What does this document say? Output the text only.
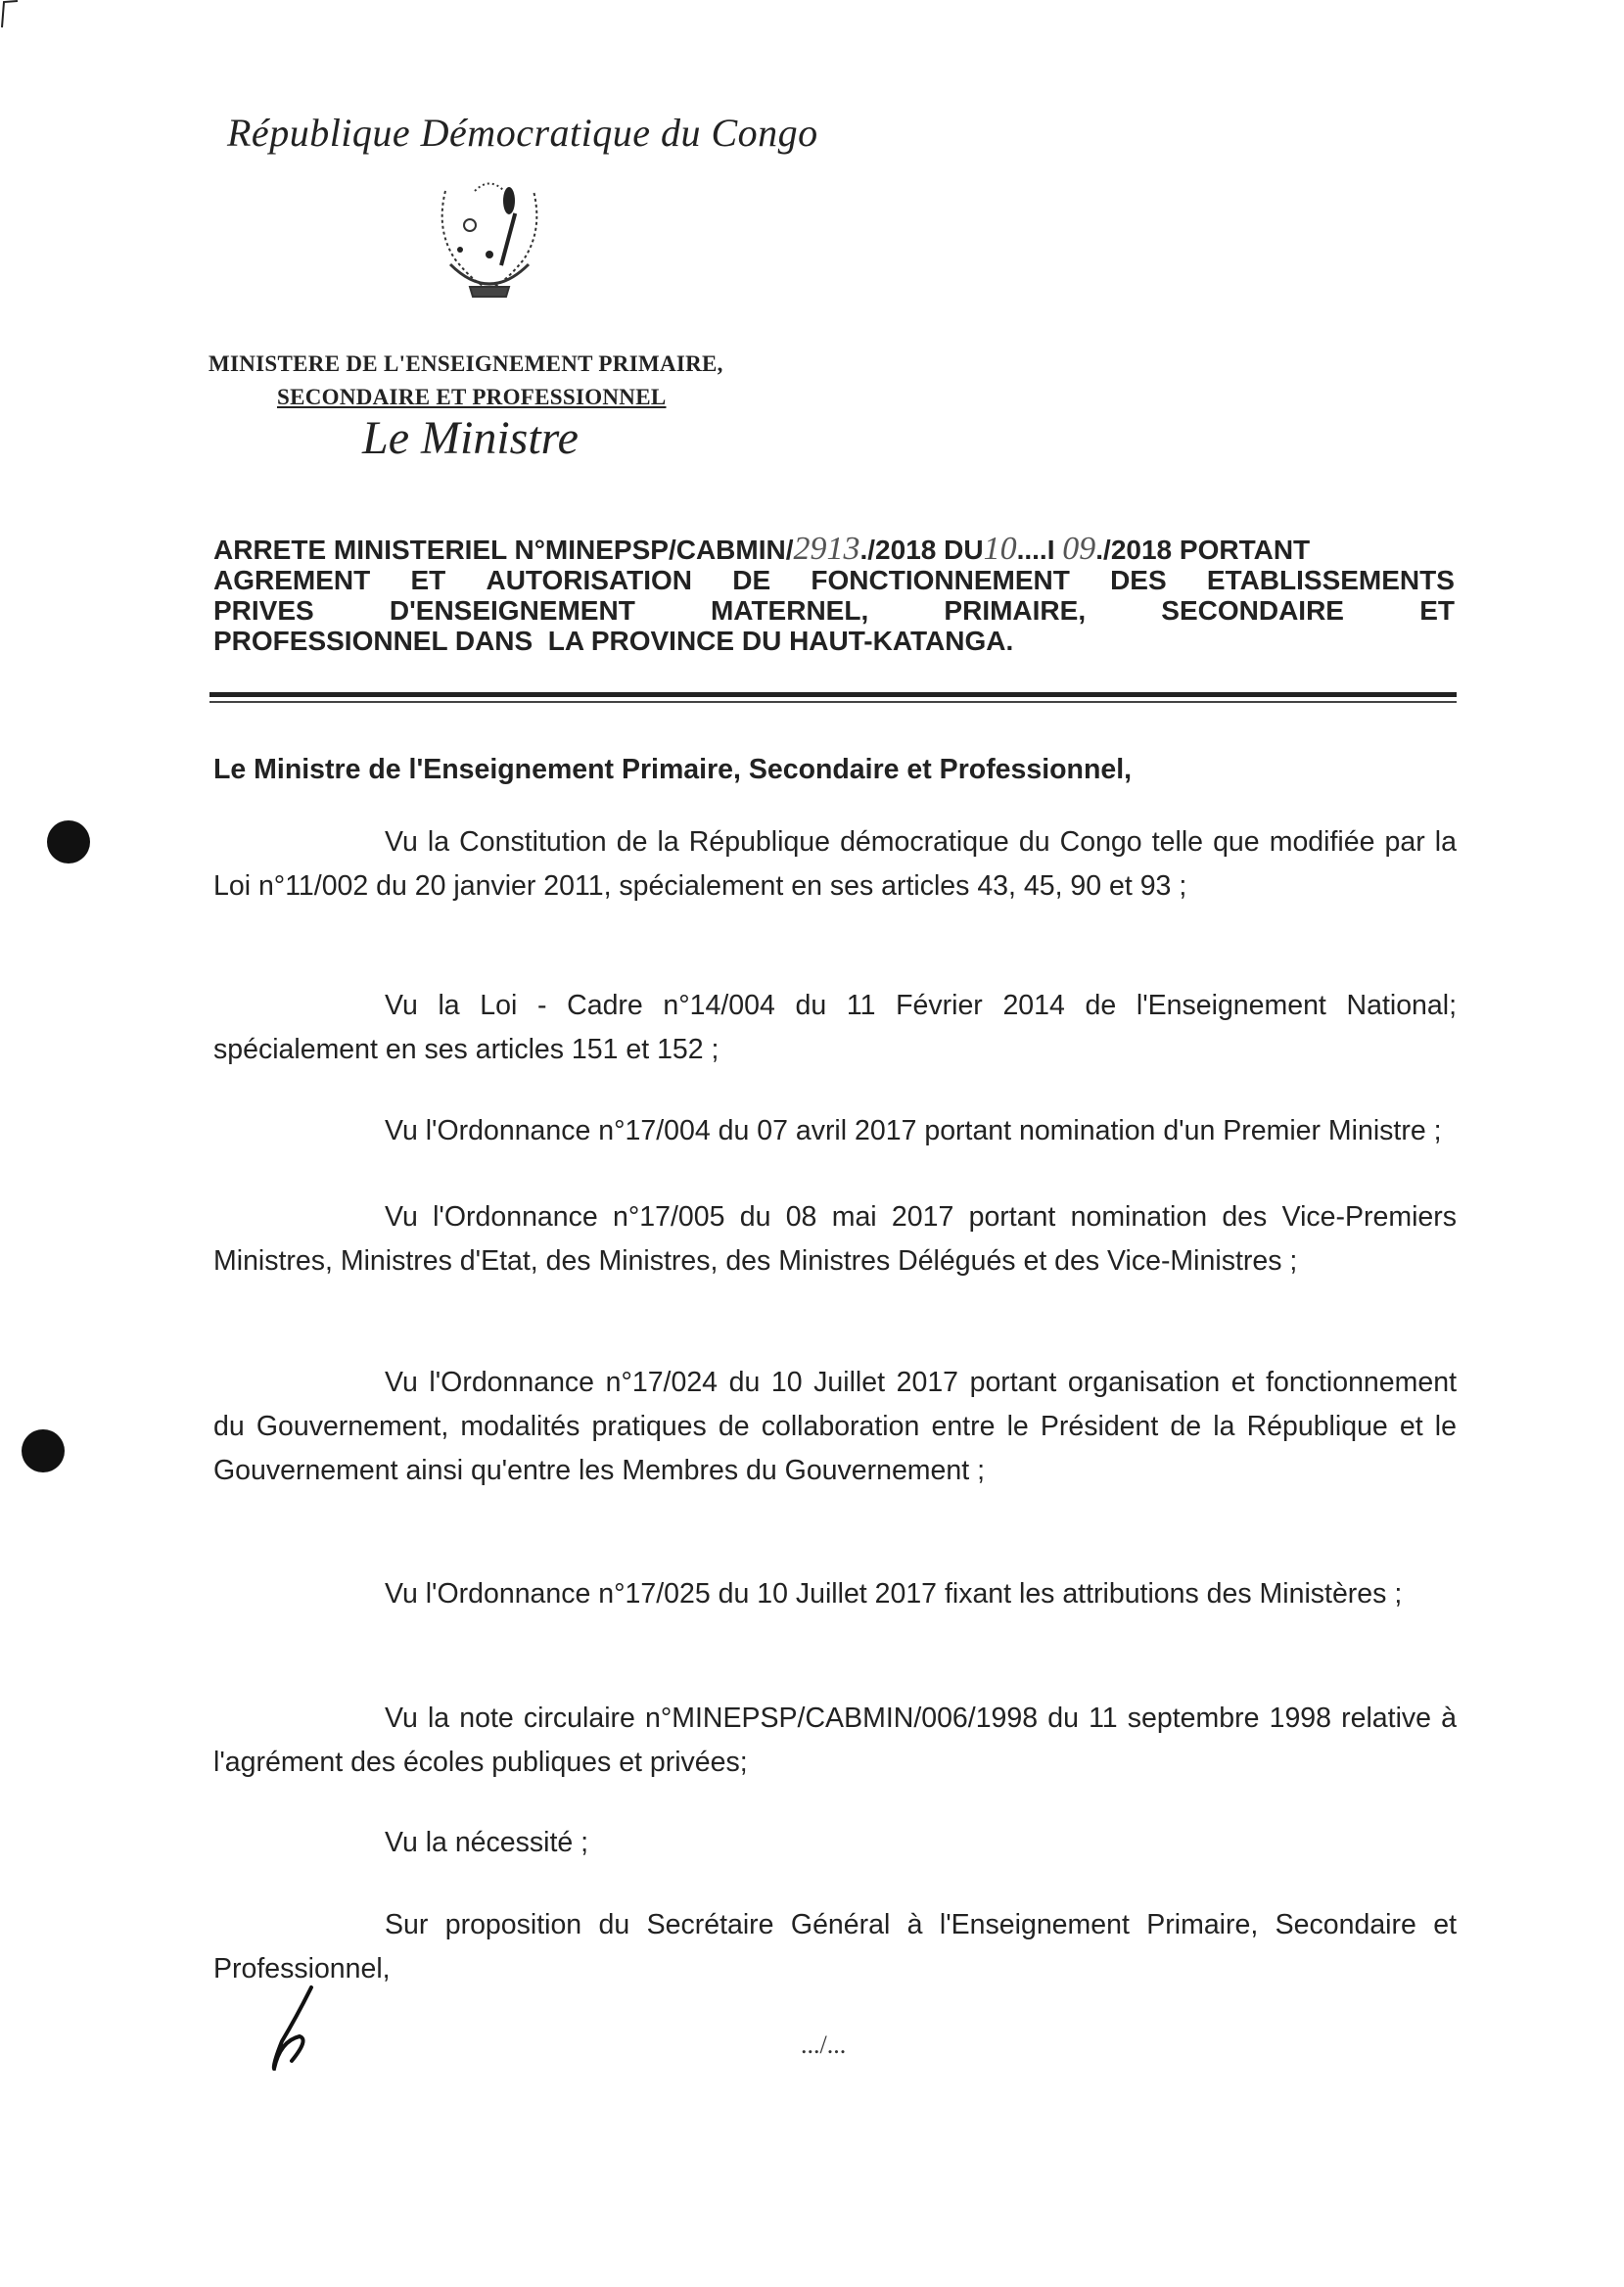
République Démocratique du Congo
MINISTERE DE L'ENSEIGNEMENT PRIMAIRE,
SECONDAIRE ET PROFESSIONNEL
Le Ministre
ARRETE MINISTERIEL N°MINEPSP/CABMIN/2913./2018 DU10....I 09./2018 PORTANT
AGREMENT ET AUTORISATION DE FONCTIONNEMENT DES ETABLISSEMENTS
PRIVES	D'ENSEIGNEMENT	MATERNEL,	PRIMAIRE,	SECONDAIRE	ET
PROFESSIONNEL DANS  LA PROVINCE DU HAUT-KATANGA.
Le Ministre de l'Enseignement Primaire, Secondaire et Professionnel,
Vu la Constitution de la République démocratique du Congo telle que modifiée par la Loi n°11/002 du 20 janvier 2011, spécialement en ses articles 43, 45, 90 et 93 ;
Vu la Loi - Cadre n°14/004 du 11 Février 2014 de l'Enseignement National; spécialement en ses articles 151 et 152 ;
Vu l'Ordonnance n°17/004 du 07 avril 2017 portant nomination d'un Premier Ministre ;
Vu l'Ordonnance n°17/005 du 08 mai 2017 portant nomination des Vice-Premiers Ministres, Ministres d'Etat, des Ministres, des Ministres Délégués et des Vice-Ministres ;
Vu l'Ordonnance n°17/024 du 10 Juillet 2017 portant organisation et fonctionnement du Gouvernement, modalités pratiques de collaboration entre le Président de la République et le Gouvernement ainsi qu'entre les Membres du Gouvernement ;
Vu l'Ordonnance n°17/025 du 10 Juillet 2017 fixant les attributions des Ministères ;
Vu la note circulaire n°MINEPSP/CABMIN/006/1998 du 11 septembre 1998 relative à l'agrément des écoles publiques et privées;
Vu la nécessité ;
Sur proposition du Secrétaire Général à l'Enseignement Primaire, Secondaire et Professionnel,
.../...
